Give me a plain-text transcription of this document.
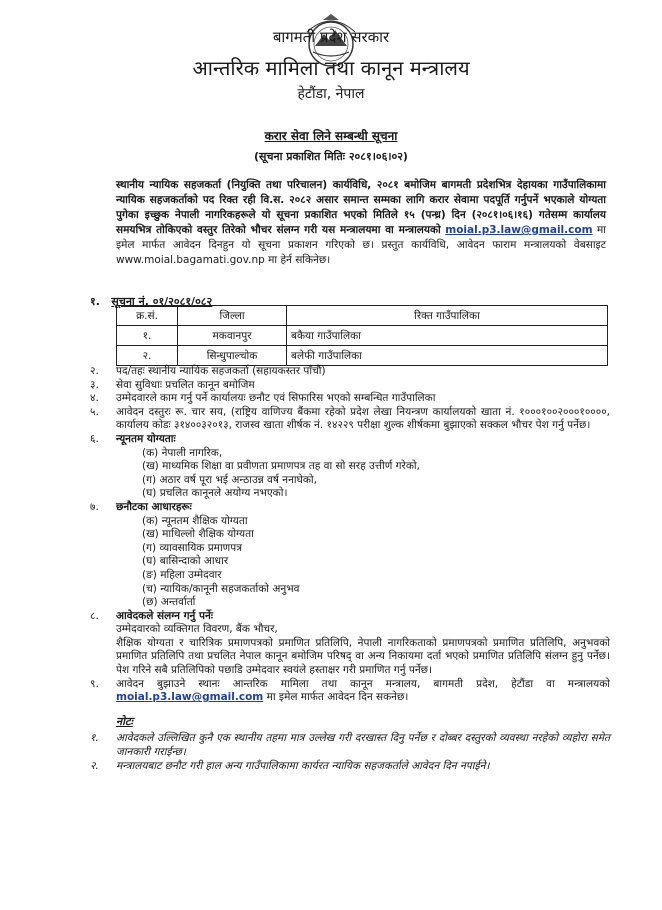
बागमती प्रदेश सरकार
आन्तरिक मामिला तथा कानून मन्त्रालय
हेटौंडा, नेपाल
करार सेवा लिने सम्बन्धी सूचना
(सूचना प्रकाशित मितिः २०८१।०६।०२)
स्थानीय न्यायिक सहजकर्ता (नियुक्ति तथा परिचालन) कार्यविधि, २०८१ बमोजिम बागमती प्रदेशभित्र देहायका गाउँपालिकामा न्यायिक सहजकर्ताको पद रिक्त रही वि.स. २०८२ असार समान्त सम्मका लागि करार सेवामा पदपूर्ति गर्नुपर्ने भएकाले योग्यता पुगेका इच्छुक नेपाली नागरिकहरूले यो सूचना प्रकाशित भएको मितिले १५ (पन्ध्र) दिन (२०८१।०६।१६) गतेसम्म कार्यालय समयभित्र तोकिएको वस्तुर तिरेको भौचर संलग्न गरी यस मन्त्रालयमा वा मन्त्रालयको moial.p3.law@gmail.com मा इमेल मार्फत आवेदन दिनहुन यो सूचना प्रकाशन गरिएको छ। प्रस्तुत कार्यविधि, आवेदन फाराम मन्त्रालयको वेबसाइट www.moial.bagamati.gov.np मा हेर्न सकिनेछ।
१. सूचना नं. ०१/२०८१/०८२
क्र.सं.	जिल्ला	रिक्त गाउँपालिका
१.	मकवानपुर	बकैया गाउँपालिका
२.	सिन्धुपाल्चोक	बलेफी गाउँपालिका
२.	पद/तहः स्थानीय न्यायिक सहजकर्ता (सहायकस्तर पाँचौं)
३.	सेवा सुविधाः प्रचलित कानून बमोजिम
४.	उम्मेदवारले काम गर्नु पर्ने कार्यालयः छनौट एवं सिफारिस भएको सम्बन्धित गाउँपालिका
५.	आवेदन दस्तुरः रू. चार सय, (राष्ट्रिय वाणिज्य बैंकमा रहेको प्रदेश लेखा नियन्त्रण कार्यालयको खाता नं. १०००१००२०००१००००, कार्यालय कोडः ३१४००३२०१३, राजस्व खाता शीर्षक नं. १४२२९ परीक्षा शुल्क शीर्षकमा बुझाएको सक्कल भौचर पेश गर्नु पर्नेछ।
६.	न्यूनतम योग्यताः
(क) नेपाली नागरिक,
(ख) माध्यमिक शिक्षा वा प्रवीणता प्रमाणपत्र तह वा सो सरह उत्तीर्ण गरेको,
(ग) अठार वर्ष पूरा भई अन्ठाउन्न वर्ष ननाघेको,
(घ) प्रचलित कानूनले अयोग्य नभएको।
७.	छनौटका आधारहरूः
(क) न्यूनतम शैक्षिक योग्यता
(ख) माथिल्लो शैक्षिक योग्यता
(ग) व्यावसायिक प्रमाणपत्र
(घ) बासिन्दाको आधार
(ङ) महिला उम्मेदवार
(च) न्यायिक/कानूनी सहजकर्ताको अनुभव
(छ) अन्तर्वार्ता
८.	आवेदकले संलग्न गर्नु पर्नेः
उम्मेदवारको व्यक्तिगत विवरण, बैंक भौचर,
शैक्षिक योग्यता र चारित्रिक प्रमाणपत्रको प्रमाणित प्रतिलिपि, नेपाली नागरिकताको प्रमाणपत्रको प्रमाणित प्रतिलिपि, अनुभवको प्रमाणित प्रतिलिपि तथा प्रचलित नेपाल कानून बमोजिम परिषद् वा अन्य निकायमा दर्ता भएको प्रमाणित प्रतिलिपि संलग्न हुनु पर्नेछ। पेश गरिने सबै प्रतिलिपिको पछाडि उम्मेदवार स्वयंले हस्ताक्षर गरी प्रमाणित गर्नु पर्नेछ।
९.	आवेदन बुझाउने स्थानः आन्तरिक मामिला तथा कानून मन्त्रालय, बागमती प्रदेश, हेटौंडा वा मन्त्रालयको moial.p3.law@gmail.com मा इमेल मार्फत आवेदन दिन सकनेछ।
नोटः
१.	आवेदकले उल्लिखित कुनै एक स्थानीय तहमा मात्र उल्लेख गरी दरखास्त दिनु पर्नेछ र दोब्बर दस्तुरको व्यवस्था नरहेको व्यहोरा समेत जानकारी गराईन्छ।
२.	मन्त्रालयबाट छनौट गरी हाल अन्य गाउँपालिकामा कार्यरत न्यायिक सहजकर्ताले आवेदन दिन नपाईने।
